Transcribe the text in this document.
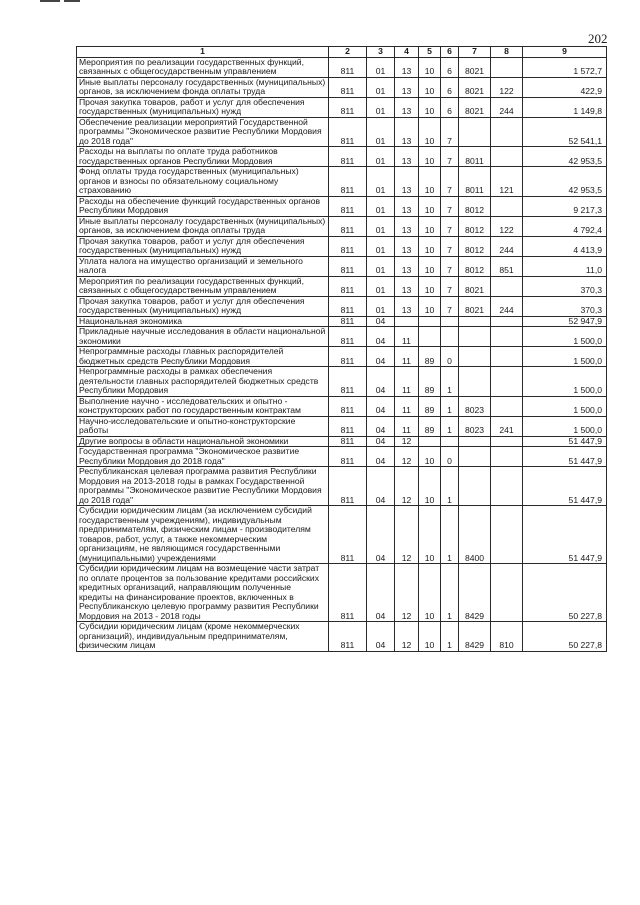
202
1	2	3	4	5	6	7	8	9
Мероприятия по реализации государственных функций, связанных с общегосударственным управлением	811	01	13	10	6	8021		1 572,7
Иные выплаты персоналу государственных (муниципальных) органов, за исключением фонда оплаты труда	811	01	13	10	6	8021	122	422,9
Прочая закупка товаров, работ и услуг для обеспечения государственных (муниципальных) нужд	811	01	13	10	6	8021	244	1 149,8
Обеспечение реализации мероприятий Государственной программы "Экономическое развитие Республики Мордовия до 2018 года"	811	01	13	10	7			52 541,1
Расходы на выплаты по оплате труда работников государственных органов Республики Мордовия	811	01	13	10	7	8011		42 953,5
Фонд оплаты труда государственных (муниципальных) органов и взносы по обязательному социальному страхованию	811	01	13	10	7	8011	121	42 953,5
Расходы на обеспечение функций государственных органов Республики Мордовия	811	01	13	10	7	8012		9 217,3
Иные выплаты персоналу государственных (муниципальных) органов, за исключением фонда оплаты труда	811	01	13	10	7	8012	122	4 792,4
Прочая закупка товаров, работ и услуг для обеспечения государственных (муниципальных) нужд	811	01	13	10	7	8012	244	4 413,9
Уплата налога на имущество организаций и земельного налога	811	01	13	10	7	8012	851	11,0
Мероприятия по реализации государственных функций, связанных с общегосударственным управлением	811	01	13	10	7	8021		370,3
Прочая закупка товаров, работ и услуг для обеспечения государственных (муниципальных) нужд	811	01	13	10	7	8021	244	370,3
Национальная экономика	811	04						52 947,9
Прикладные научные исследования в области национальной экономики	811	04	11					1 500,0
Непрограммные расходы главных распорядителей бюджетных средств Республики Мордовия	811	04	11	89	0			1 500,0
Непрограммные расходы в рамках обеспечения деятельности главных распорядителей бюджетных средств Республики Мордовия	811	04	11	89	1			1 500,0
Выполнение научно - исследовательских и опытно - конструкторских работ по государственным контрактам	811	04	11	89	1	8023		1 500,0
Научно-исследовательские и опытно-конструкторские работы	811	04	11	89	1	8023	241	1 500,0
Другие вопросы в области национальной экономики	811	04	12					51 447,9
Государственная программа "Экономическое развитие Республики Мордовия до 2018 года"	811	04	12	10	0			51 447,9
Республиканская целевая программа развития Республики Мордовия на 2013-2018 годы в рамках Государственной программы "Экономическое развитие Республики Мордовия до 2018 года"	811	04	12	10	1			51 447,9
Субсидии юридическим лицам (за исключением субсидий государственным учреждениям), индивидуальным предпринимателям, физическим лицам - производителям товаров, работ, услуг, а также некоммерческим организациям, не являющимся государственными (муниципальными) учреждениями	811	04	12	10	1	8400		51 447,9
Субсидии юридическим лицам на возмещение части затрат по оплате процентов за пользование кредитами российских кредитных организаций, направляющим полученные кредиты на финансирование проектов, включенных в Республиканскую целевую программу развития Республики Мордовия на 2013 - 2018 годы	811	04	12	10	1	8429		50 227,8
Субсидии юридическим лицам (кроме некоммерческих организаций), индивидуальным предпринимателям, физическим лицам	811	04	12	10	1	8429	810	50 227,8
